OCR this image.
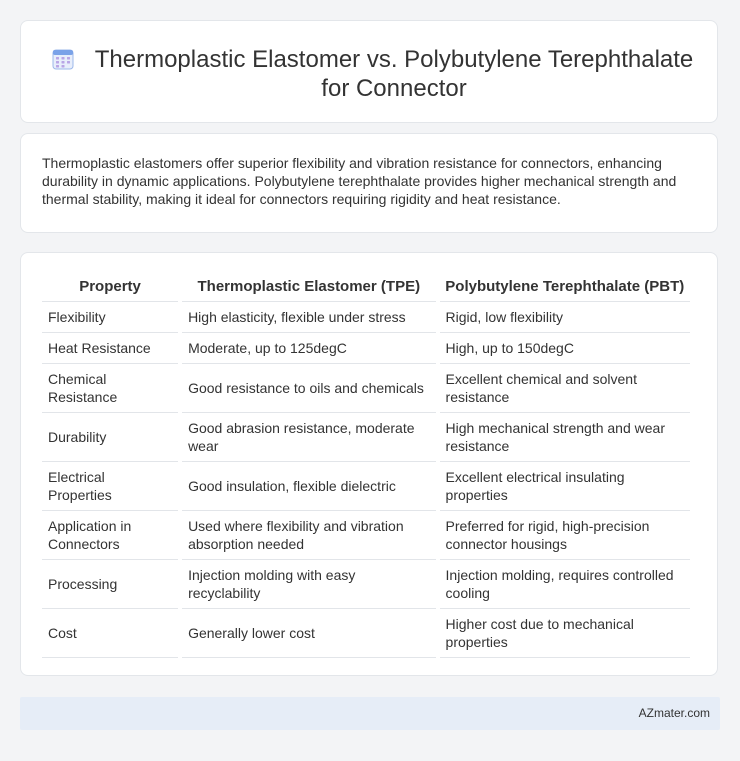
Thermoplastic Elastomer vs. Polybutylene Terephthalate for Connector
Thermoplastic elastomers offer superior flexibility and vibration resistance for connectors, enhancing durability in dynamic applications. Polybutylene terephthalate provides higher mechanical strength and thermal stability, making it ideal for connectors requiring rigidity and heat resistance.
Property	Thermoplastic Elastomer (TPE)	Polybutylene Terephthalate (PBT)
Flexibility	High elasticity, flexible under stress	Rigid, low flexibility
Heat Resistance	Moderate, up to 125degC	High, up to 150degC
Chemical Resistance	Good resistance to oils and chemicals	Excellent chemical and solvent resistance
Durability	Good abrasion resistance, moderate wear	High mechanical strength and wear resistance
Electrical Properties	Good insulation, flexible dielectric	Excellent electrical insulating properties
Application in Connectors	Used where flexibility and vibration absorption needed	Preferred for rigid, high-precision connector housings
Processing	Injection molding with easy recyclability	Injection molding, requires controlled cooling
Cost	Generally lower cost	Higher cost due to mechanical properties
AZmater.com
